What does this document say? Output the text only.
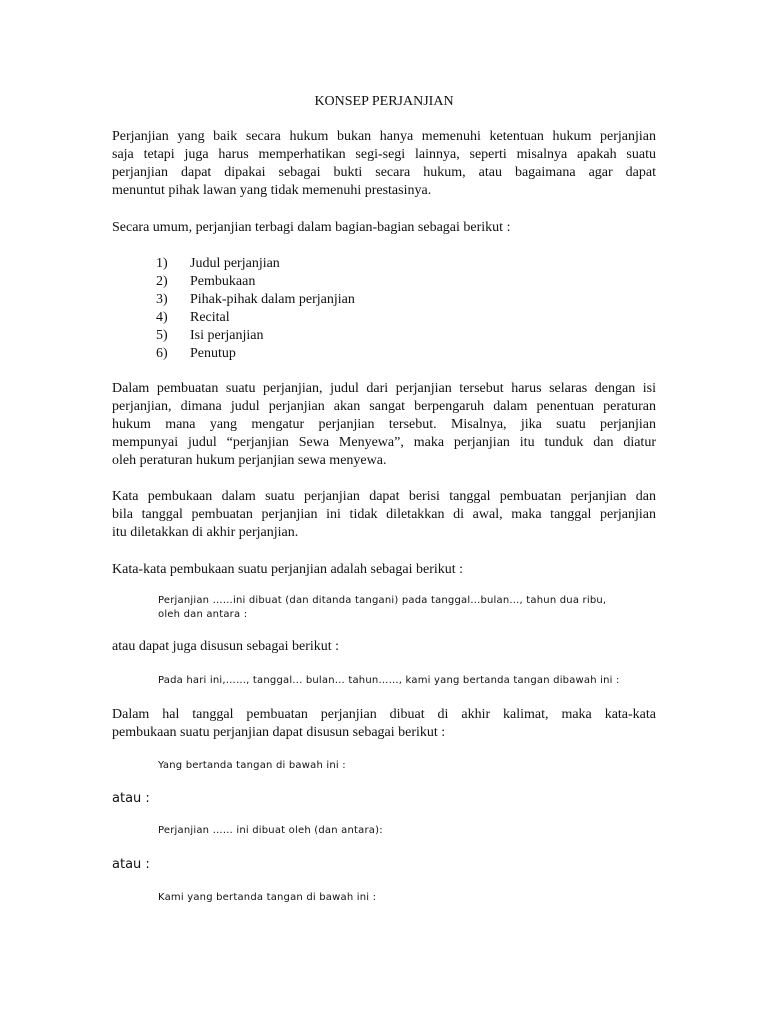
KONSEP PERJANJIAN
Perjanjian yang baik secara hukum bukan hanya memenuhi ketentuan hukum perjanjian
saja tetapi juga harus memperhatikan segi-segi lainnya, seperti misalnya apakah suatu
perjanjian dapat dipakai sebagai bukti secara hukum, atau bagaimana agar dapat
menuntut pihak lawan yang tidak memenuhi prestasinya.
Secara umum, perjanjian terbagi dalam bagian-bagian sebagai berikut :
1) Judul perjanjian
2) Pembukaan
3) Pihak-pihak dalam perjanjian
4) Recital
5) Isi perjanjian
6) Penutup
Dalam pembuatan suatu perjanjian, judul dari perjanjian tersebut harus selaras dengan isi
perjanjian, dimana judul perjanjian akan sangat berpengaruh dalam penentuan peraturan
hukum mana yang mengatur perjanjian tersebut. Misalnya, jika suatu perjanjian
mempunyai judul “perjanjian Sewa Menyewa”, maka perjanjian itu tunduk dan diatur
oleh peraturan hukum perjanjian sewa menyewa.
Kata pembukaan dalam suatu perjanjian dapat berisi tanggal pembuatan perjanjian dan
bila tanggal pembuatan perjanjian ini tidak diletakkan di awal, maka tanggal perjanjian
itu diletakkan di akhir perjanjian.
Kata-kata pembukaan suatu perjanjian adalah sebagai berikut :
Perjanjian ……ini dibuat (dan ditanda tangani) pada tanggal...bulan..., tahun dua ribu,
oleh dan antara :
atau dapat juga disusun sebagai berikut :
Pada hari ini,……, tanggal... bulan… tahun……, kami yang bertanda tangan dibawah ini :
Dalam hal tanggal pembuatan perjanjian dibuat di akhir kalimat, maka kata-kata
pembukaan suatu perjanjian dapat disusun sebagai berikut :
Yang bertanda tangan di bawah ini :
atau :
Perjanjian …… ini dibuat oleh (dan antara):
atau :
Kami yang bertanda tangan di bawah ini :
